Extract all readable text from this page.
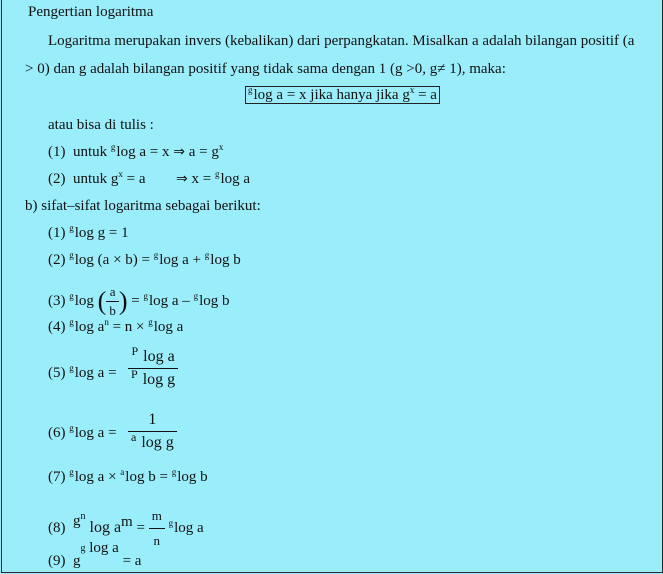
Pengertian logaritma
Logaritma merupakan invers (kebalikan) dari perpangkatan. Misalkan a adalah bilangan positif (a
> 0) dan g adalah bilangan positif yang tidak sama dengan 1 (g >0, g≠ 1), maka:
$^g$log a = x jika hanya jika $g^x = a$
atau bisa di tulis :
(1) untuk $^g$log a = x ⇒ $a = g^x$
(2) untuk $g^x = a$ ⇒ x = $^g$log a
b) sifat–sifat logaritma sebagai berikut:
(1) $^g$log g = 1
(2) $^g$log (a × b) = $^g$log a + $^g$log b
(3) $^g$log ( $\frac{a}{b}$ ) = $^g$log a – $^g$log b
(4) $^g$log $a^n = n \times ^g\log$ a
(5) $^g$log $a = \frac{^P \log a}{^P \log g}$
(6) $^g$log $a = \frac{1}{^a \log g}$
(7) $^g$log a × $^a$log b = $^g$log b
(8) $g^n$ log am = $\frac{m}{n} ^g\log$ a
(9) $g^g$ log a = a
